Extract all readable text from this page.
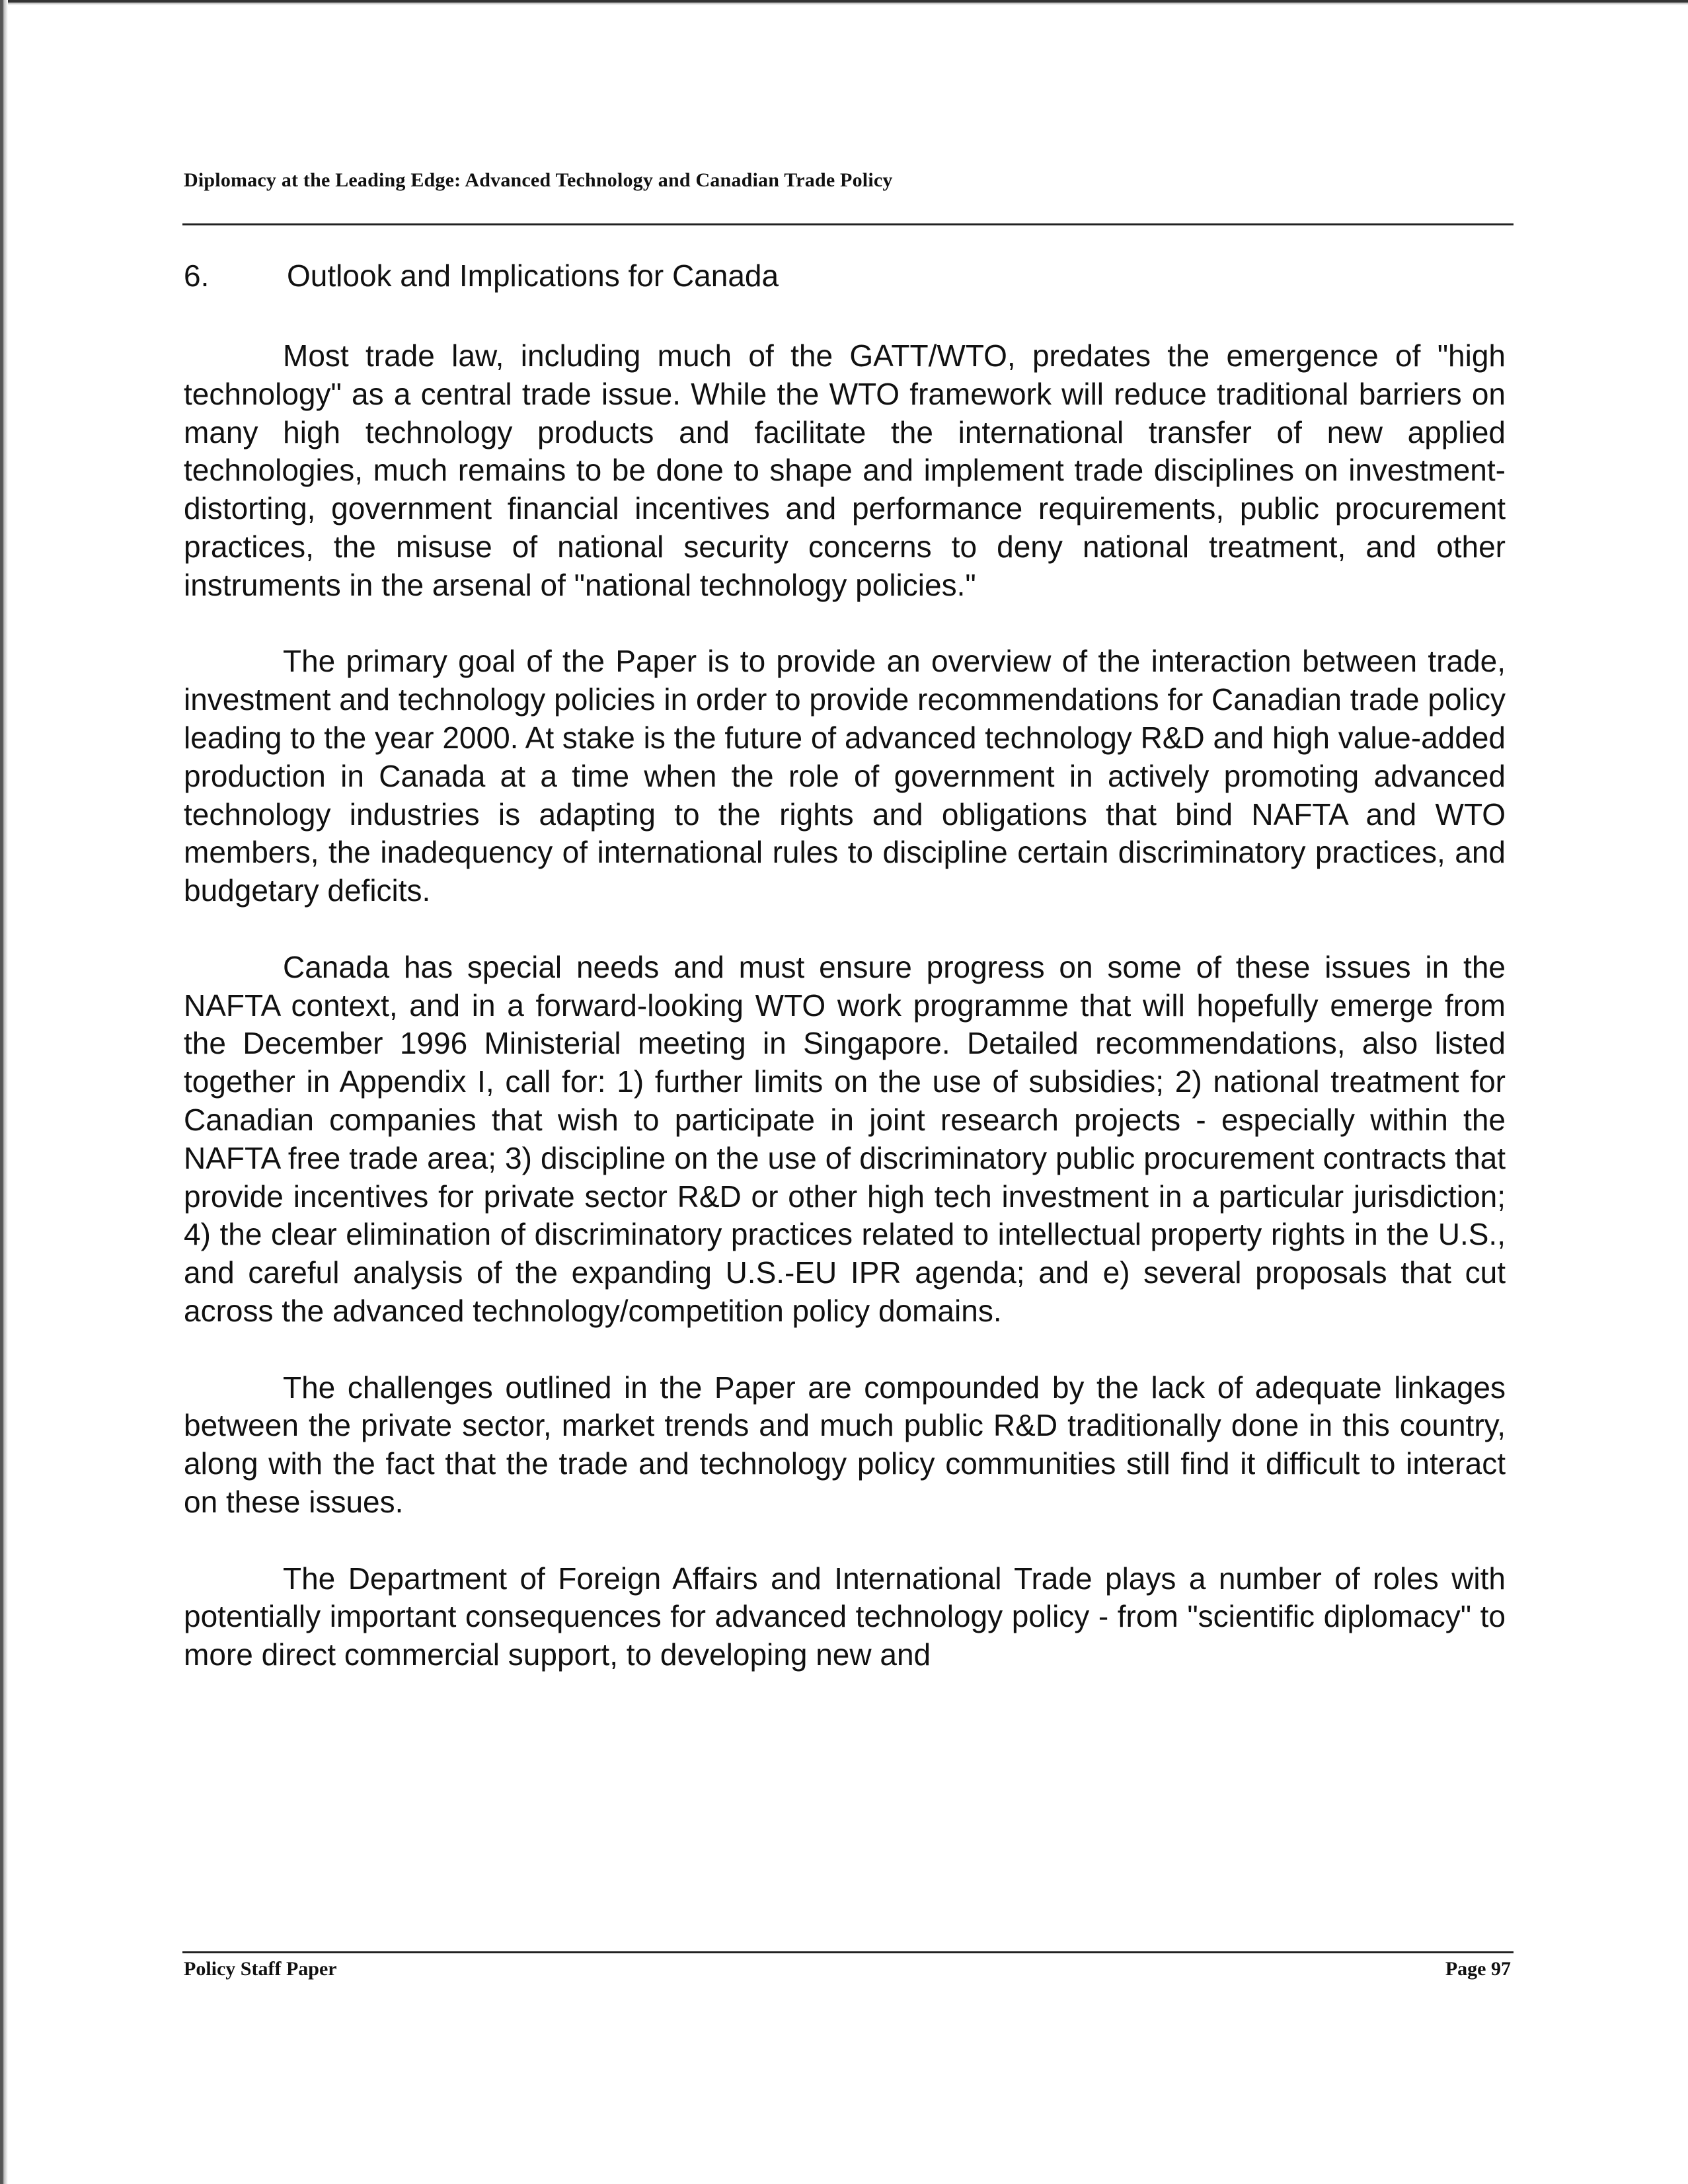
Diplomacy at the Leading Edge: Advanced Technology and Canadian Trade Policy
6.	Outlook and Implications for Canada

Most trade law, including much of the GATT/WTO, predates the emergence of "high technology" as a central trade issue. While the WTO framework will reduce traditional barriers on many high technology products and facilitate the international transfer of new applied technologies, much remains to be done to shape and implement trade disciplines on investment-distorting, government financial incentives and performance requirements, public procurement practices, the misuse of national security concerns to deny national treatment, and other instruments in the arsenal of "national technology policies."

The primary goal of the Paper is to provide an overview of the interaction between trade, investment and technology policies in order to provide recommendations for Canadian trade policy leading to the year 2000. At stake is the future of advanced technology R&D and high value-added production in Canada at a time when the role of government in actively promoting advanced technology industries is adapting to the rights and obligations that bind NAFTA and WTO members, the inadequency of international rules to discipline certain discriminatory practices, and budgetary deficits.

Canada has special needs and must ensure progress on some of these issues in the NAFTA context, and in a forward-looking WTO work programme that will hopefully emerge from the December 1996 Ministerial meeting in Singapore. Detailed recommendations, also listed together in Appendix I, call for: 1) further limits on the use of subsidies; 2) national treatment for Canadian companies that wish to participate in joint research projects - especially within the NAFTA free trade area; 3) discipline on the use of discriminatory public procurement contracts that provide incentives for private sector R&D or other high tech investment in a particular jurisdiction; 4) the clear elimination of discriminatory practices related to intellectual property rights in the U.S., and careful analysis of the expanding U.S.-EU IPR agenda; and e) several proposals that cut across the advanced technology/competition policy domains.

The challenges outlined in the Paper are compounded by the lack of adequate linkages between the private sector, market trends and much public R&D traditionally done in this country, along with the fact that the trade and technology policy communities still find it difficult to interact on these issues.

The Department of Foreign Affairs and International Trade plays a number of roles with potentially important consequences for advanced technology policy - from "scientific diplomacy" to more direct commercial support, to developing new and

Policy Staff Paper	Page 97
